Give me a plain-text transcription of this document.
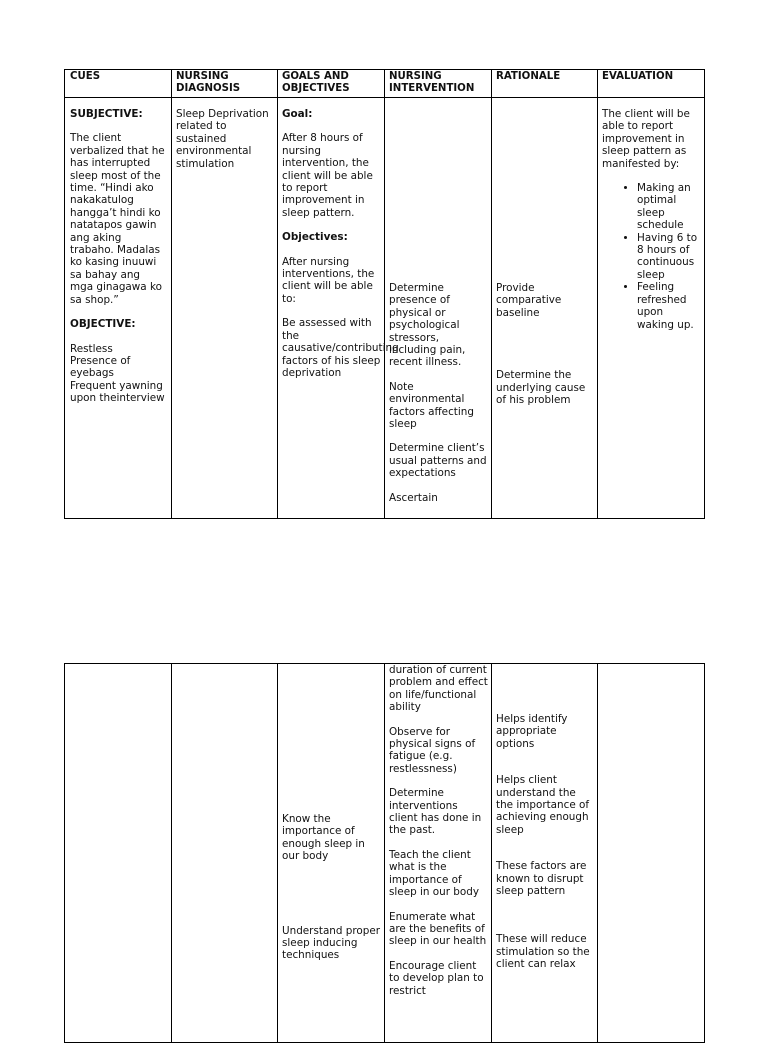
CUES	NURSING DIAGNOSIS
GOALS AND OBJECTIVES
NURSING INTERVENTION
RATIONALE	EVALUATION

SUBJECTIVE:

The client verbalized that he has interrupted sleep most of the time. “Hindi ako nakakatulog hangga’t hindi ko natatapos gawin ang aking trabaho. Madalas ko kasing inuuwi sa bahay ang mga ginagawa ko sa shop.”

OBJECTIVE:

Restless

Presence of eyebags

Frequent yawning upon theinterview

Sleep Deprivation related to sustained environmental stimulation

Goal:

After 8 hours of nursing intervention, the client will be able to report improvement in sleep pattern.

Objectives:

After nursing interventions, the client will be able to:

Be assessed with the causative/contributing factors of his sleep deprivation

Determine presence of physical or psychological stressors, including pain, recent illness.

Note environmental factors affecting sleep

Determine client’s usual patterns and expectations

Ascertain

Provide comparative baseline

Determine the underlying cause of his problem

The client will be able to report improvement in sleep pattern as manifested by:

• Making an optimal sleep schedule
• Having 6 to 8 hours of continuous sleep
• Feeling refreshed upon waking up.

Know the importance of enough sleep in our body

Understand proper sleep inducing techniques

duration of current problem and effect on life/functional ability

Observe for physical signs of fatigue (e.g. restlessness)

Determine interventions client has done in the past.

Teach the client what is the importance of sleep in our body

Enumerate what are the benefits of sleep in our health

Encourage client to develop plan to restrict

Helps identify appropriate options

Helps client understand the the importance of achieving enough sleep

These factors are known to disrupt sleep pattern

These will reduce stimulation so the client can relax
